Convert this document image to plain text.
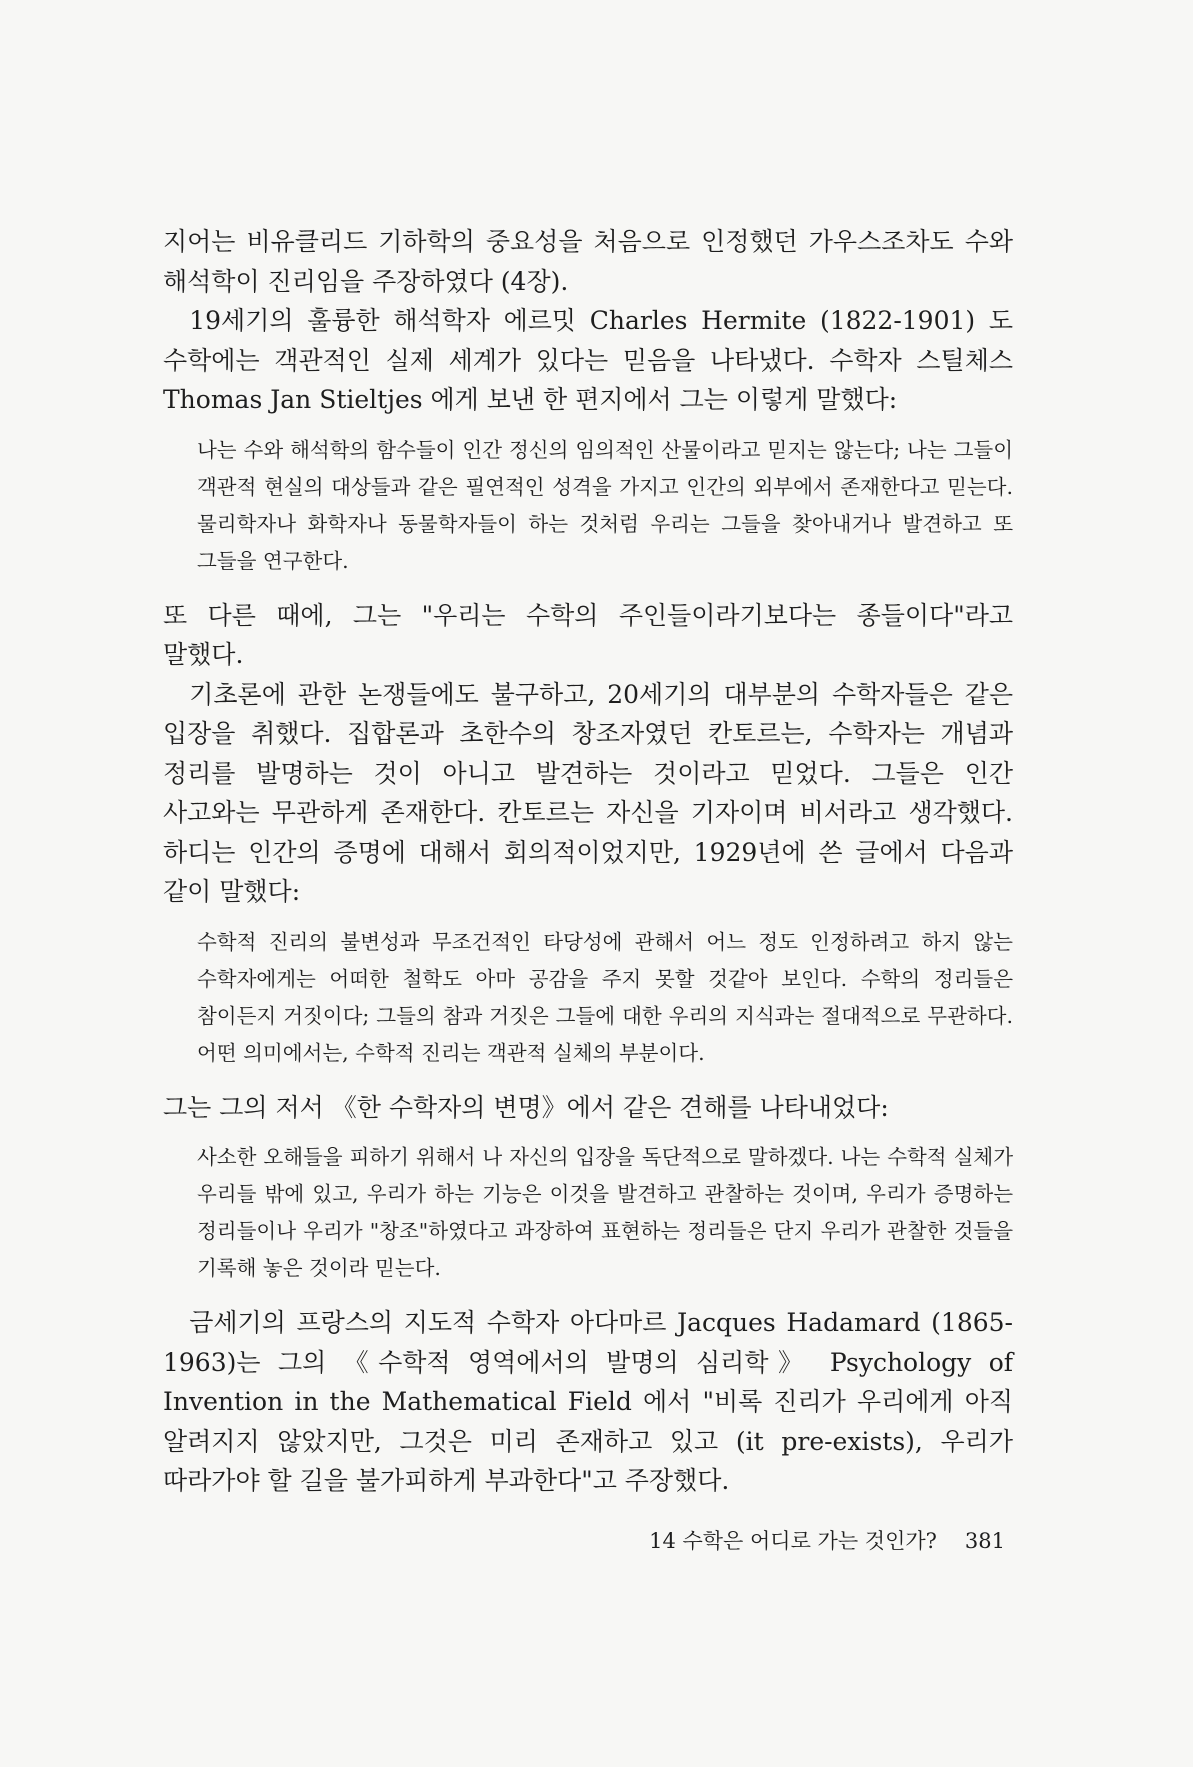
지어는 비유클리드 기하학의 중요성을 처음으로 인정했던 가우스조차도 수와 해석학이 진리임을 주장하였다 (4장).

19세기의 훌륭한 해석학자 에르밋 Charles Hermite (1822-1901) 도 수학에는 객관적인 실제 세계가 있다는 믿음을 나타냈다. 수학자 스틸체스 Thomas Jan Stieltjes 에게 보낸 한 편지에서 그는 이렇게 말했다:

나는 수와 해석학의 함수들이 인간 정신의 임의적인 산물이라고 믿지는 않는다; 나는 그들이 객관적 현실의 대상들과 같은 필연적인 성격을 가지고 인간의 외부에서 존재한다고 믿는다. 물리학자나 화학자나 동물학자들이 하는 것처럼 우리는 그들을 찾아내거나 발견하고 또 그들을 연구한다.

또 다른 때에, 그는 "우리는 수학의 주인들이라기보다는 종들이다"라고 말했다.

기초론에 관한 논쟁들에도 불구하고, 20세기의 대부분의 수학자들은 같은 입장을 취했다. 집합론과 초한수의 창조자였던 칸토르는, 수학자는 개념과 정리를 발명하는 것이 아니고 발견하는 것이라고 믿었다. 그들은 인간 사고와는 무관하게 존재한다. 칸토르는 자신을 기자이며 비서라고 생각했다. 하디는 인간의 증명에 대해서 회의적이었지만, 1929년에 쓴 글에서 다음과 같이 말했다:

수학적 진리의 불변성과 무조건적인 타당성에 관해서 어느 정도 인정하려고 하지 않는 수학자에게는 어떠한 철학도 아마 공감을 주지 못할 것같아 보인다. 수학의 정리들은 참이든지 거짓이다; 그들의 참과 거짓은 그들에 대한 우리의 지식과는 절대적으로 무관하다. 어떤 의미에서는, 수학적 진리는 객관적 실체의 부분이다.

그는 그의 저서 《한 수학자의 변명》에서 같은 견해를 나타내었다:

사소한 오해들을 피하기 위해서 나 자신의 입장을 독단적으로 말하겠다. 나는 수학적 실체가 우리들 밖에 있고, 우리가 하는 기능은 이것을 발견하고 관찰하는 것이며, 우리가 증명하는 정리들이나 우리가 "창조"하였다고 과장하여 표현하는 정리들은 단지 우리가 관찰한 것들을 기록해 놓은 것이라 믿는다.

금세기의 프랑스의 지도적 수학자 아다마르 Jacques Hadamard (1865-1963)는 그의 《수학적 영역에서의 발명의 심리학》 Psychology of Invention in the Mathematical Field 에서 "비록 진리가 우리에게 아직 알려지지 않았지만, 그것은 미리 존재하고 있고 (it pre-exists), 우리가 따라가야 할 길을 불가피하게 부과한다"고 주장했다.

14 수학은 어디로 가는 것인가? 381
